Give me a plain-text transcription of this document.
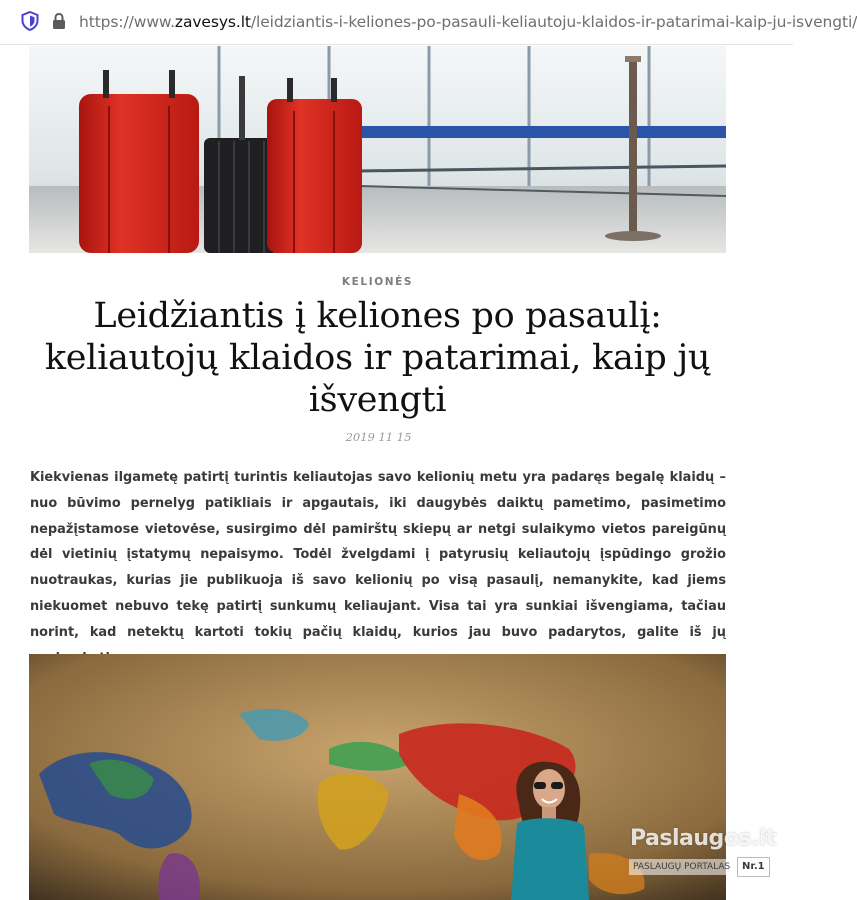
https://www.zavesys.lt/leidziantis-i-keliones-po-pasauli-keliautoju-klaidos-ir-patarimai-kaip-ju-isvengti/
KELIONĖS
Leidžiantis į keliones po pasaulį: keliautojų klaidos ir patarimai, kaip jų išvengti
2019 11 15

Kiekvienas ilgametę patirtį turintis keliautojas savo kelionių metu yra padaręs begalę klaidų – nuo būvimo pernelyg patikliais ir apgautais, iki daugybės daiktų pametimo, pasimetimo nepažįstamose vietovėse, susirgimo dėl pamirštų skiepų ar netgi sulaikymo vietos pareigūnų dėl vietinių įstatymų nepaisymo. Todėl žvelgdami į patyrusių keliautojų įspūdingo grožio nuotraukas, kurias jie publikuoja iš savo kelionių po visą pasaulį, nemanykite, kad jiems niekuomet nebuvo tekę patirtį sunkumų keliaujant. Visa tai yra sunkiai išvengiama, tačiau norint, kad netektų kartoti tokių pačių klaidų, kurios jau buvo padarytos, galite iš jų

Paslaugos.lt
PASLAUGŲ PORTALAS	Nr.1
